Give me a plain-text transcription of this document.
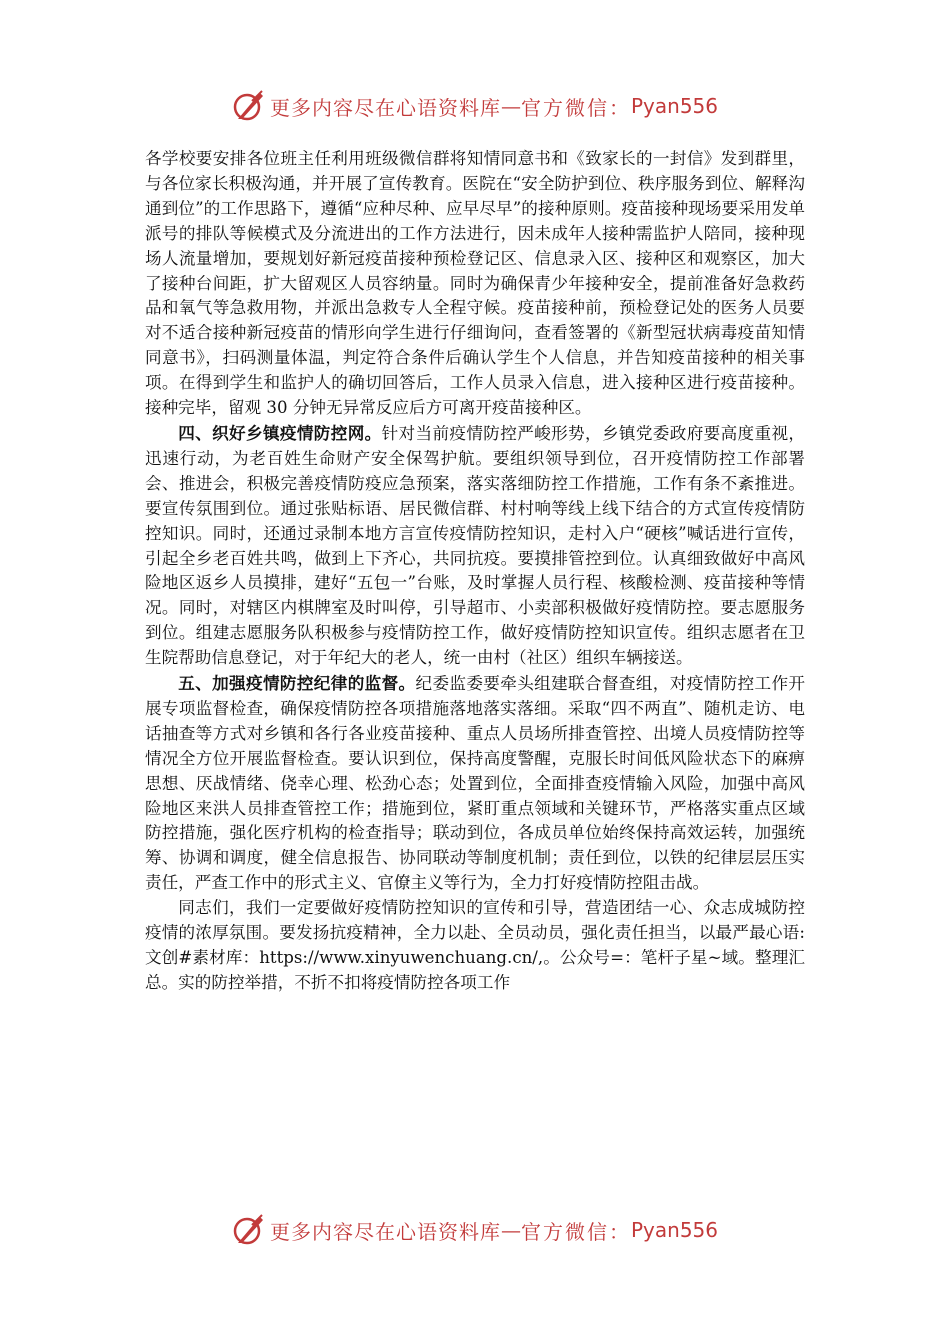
更多内容尽在心语资料库 — 官方微信： Pyan556

各学校要安排各位班主任利用班级微信群将知情同意书和《致家长的一封信》发到群里，与各位家长积极沟通，并开展了宣传教育。医院在“安全防护到位、秩序服务到位、解释沟通到位”的工作思路下，遵循“应种尽种、应早尽早”的接种原则。疫苗接种现场要采用发单派号的排队等候模式及分流进出的工作方法进行，因未成年人接种需监护人陪同，接种现场人流量增加，要规划好新冠疫苗接种预检登记区、信息录入区、接种区和观察区，加大了接种台间距，扩大留观区人员容纳量。同时为确保青少年接种安全，提前准备好急救药品和氧气等急救用物，并派出急救专人全程守候。疫苗接种前，预检登记处的医务人员要对不适合接种新冠疫苗的情形向学生进行仔细询问，查看签署的《新型冠状病毒疫苗知情同意书》，扫码测量体温，判定符合条件后确认学生个人信息，并告知疫苗接种的相关事项。在得到学生和监护人的确切回答后，工作人员录入信息，进入接种区进行疫苗接种。接种完毕，留观 30 分钟无异常反应后方可离开疫苗接种区。

四、织好乡镇疫情防控网。针对当前疫情防控严峻形势，乡镇党委政府要高度重视，迅速行动，为老百姓生命财产安全保驾护航。要组织领导到位，召开疫情防控工作部署会、推进会，积极完善疫情防疫应急预案，落实落细防控工作措施，工作有条不紊推进。要宣传氛围到位。通过张贴标语、居民微信群、村村响等线上线下结合的方式宣传疫情防控知识。同时，还通过录制本地方言宣传疫情防控知识，走村入户“硬核”喊话进行宣传，引起全乡老百姓共鸣，做到上下齐心，共同抗疫。要摸排管控到位。认真细致做好中高风险地区返乡人员摸排，建好“五包一”台账，及时掌握人员行程、核酸检测、疫苗接种等情况。同时，对辖区内棋牌室及时叫停，引导超市、小卖部积极做好疫情防控。要志愿服务到位。组建志愿服务队积极参与疫情防控工作，做好疫情防控知识宣传。组织志愿者在卫生院帮助信息登记，对于年纪大的老人，统一由村（社区）组织车辆接送。

五、加强疫情防控纪律的监督。纪委监委要牵头组建联合督查组，对疫情防控工作开展专项监督检查，确保疫情防控各项措施落地落实落细。采取“四不两直”、随机走访、电话抽查等方式对乡镇和各行各业疫苗接种、重点人员场所排查管控、出境人员疫情防控等情况全方位开展监督检查。要认识到位，保持高度警醒，克服长时间低风险状态下的麻痹思想、厌战情绪、侥幸心理、松劲心态；处置到位，全面排查疫情输入风险，加强中高风险地区来洪人员排查管控工作；措施到位，紧盯重点领域和关键环节，严格落实重点区域防控措施，强化医疗机构的检查指导；联动到位，各成员单位始终保持高效运转，加强统筹、协调和调度，健全信息报告、协同联动等制度机制；责任到位，以铁的纪律层层压实责任，严查工作中的形式主义、官僚主义等行为，全力打好疫情防控阻击战。

同志们，我们一定要做好疫情防控知识的宣传和引导，营造团结一心、众志成城防控疫情的浓厚氛围。要发扬抗疫精神，全力以赴、全员动员，强化责任担当，以最严最心语:文创#素材库：https://www.xinyuwenchuang.cn/,。公众号=：笔杆子星~域。整理汇总。实的防控举措，不折不扣将疫情防控各项工作

更多内容尽在心语资料库 — 官方微信： Pyan556
